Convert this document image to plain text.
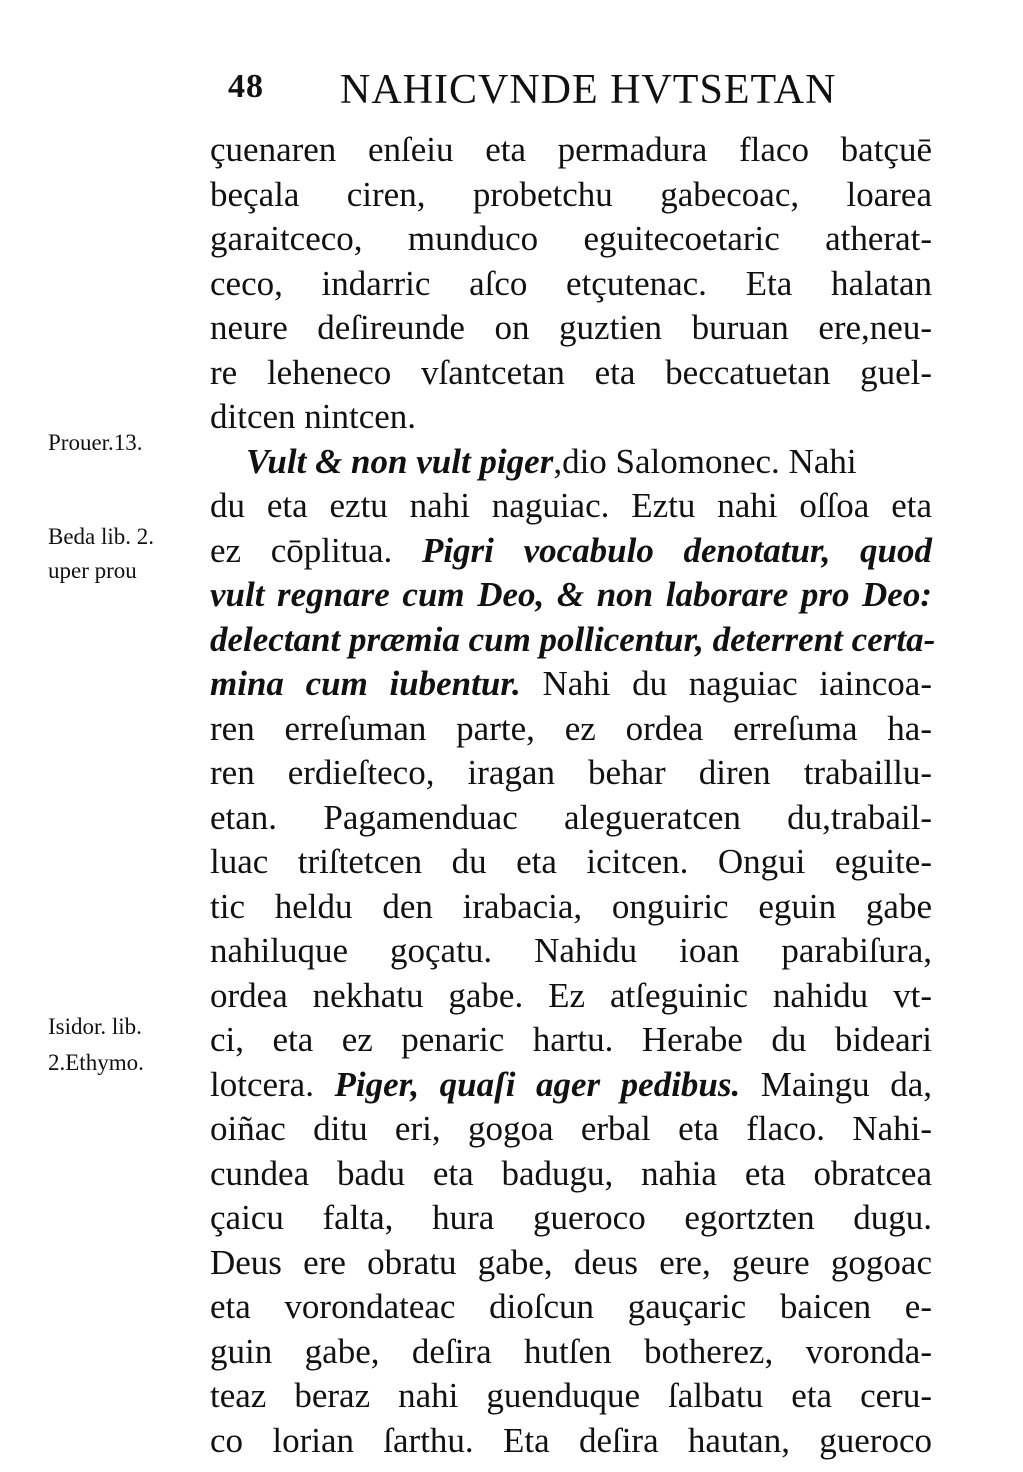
48 NAHICVNDE HVTSETAN
Prouer.13.
Beda lib. 2.
uper prou
Isidor. lib.
2.Ethymo.
çuenaren enſeiu eta permadura flaco batçuē
beçala ciren, probetchu gabecoac, loarea
garaitceco, munduco eguitecoetaric atherat-
ceco, indarric aſco etçutenac. Eta halatan
neure deſireunde on guztien buruan ere,neu-
re leheneco vſantcetan eta beccatuetan guel-
ditcen nintcen.
Vult & non vult piger,dio Salomonec. Nahi
du eta eztu nahi naguiac. Eztu nahi oſſoa eta
ez cōplitua. Pigri vocabulo denotatur, quod
vult regnare cum Deo, & non laborare pro Deo:
delectant præmia cum pollicentur, deterrent certa-
mina cum iubentur. Nahi du naguiac iaincoa-
ren erreſuman parte, ez ordea erreſuma ha-
ren erdieſteco, iragan behar diren trabaillu-
etan. Pagamenduac alegueratcen du,trabail-
luac triſtetcen du eta icitcen. Ongui eguite-
tic heldu den irabacia, onguiric eguin gabe
nahiluque goçatu. Nahidu ioan parabiſura,
ordea nekhatu gabe. Ez atſeguinic nahidu vt-
ci, eta ez penaric hartu. Herabe du bideari
lotcera. Piger, quaſi ager pedibus. Maingu da,
oiñac ditu eri, gogoa erbal eta flaco. Nahi-
cundea badu eta badugu, nahia eta obratcea
çaicu falta, hura gueroco egortzten dugu.
Deus ere obratu gabe, deus ere, geure gogoac
eta vorondateac dioſcun gauçaric baicen e-
guin gabe, deſira hutſen botherez, voronda-
teaz beraz nahi guenduque ſalbatu eta ceru-
co lorian ſarthu. Eta deſira hautan, gueroco
